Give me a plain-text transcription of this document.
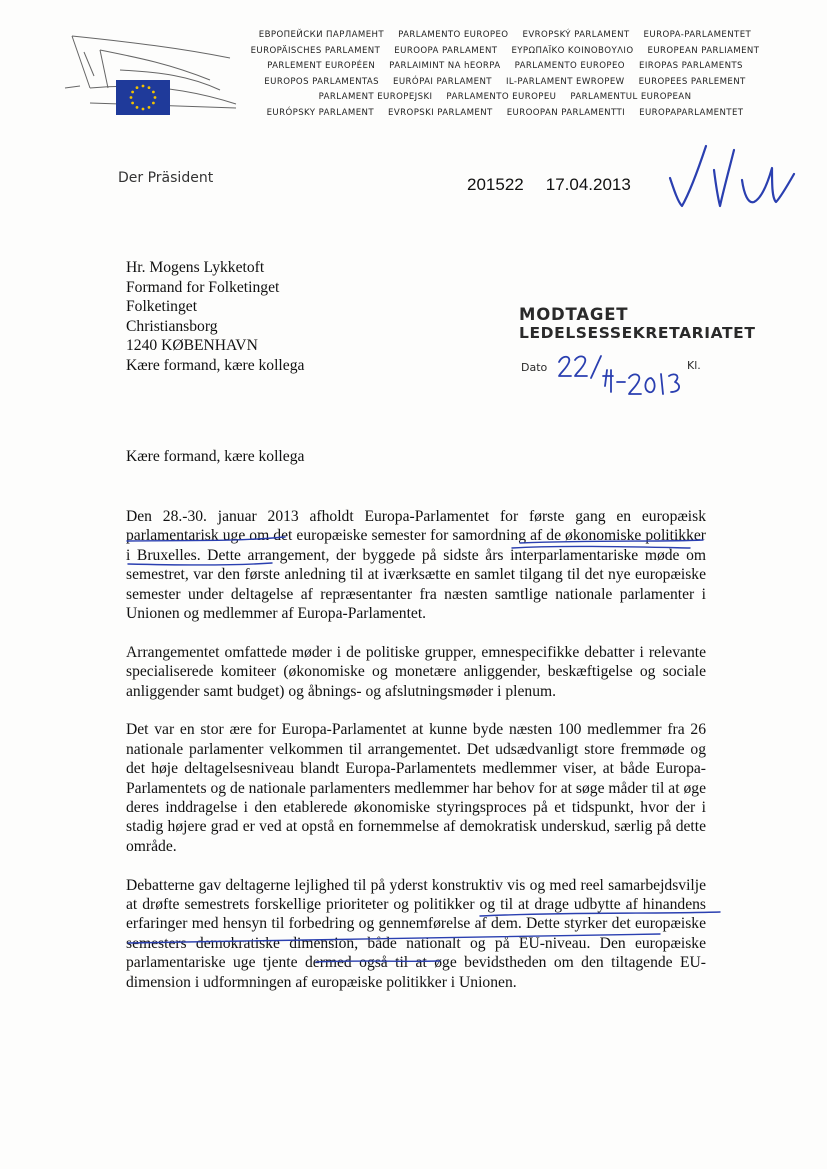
ЕВРОПЕЙСКИ ПАРЛАМЕНТ PARLAMENTO EUROPEO EVROPSKÝ PARLAMENT EUROPA-PARLAMENTET
EUROPÄISCHES PARLAMENT EUROOPA PARLAMENT ΕΥΡΩΠΑΪΚΟ ΚΟΙΝΟΒΟΥΛΙΟ EUROPEAN PARLIAMENT
PARLEMENT EUROPÉEN PARLAIMINT NA hEORPA PARLAMENTO EUROPEO EIROPAS PARLAMENTS
EUROPOS PARLAMENTAS EURÓPAI PARLAMENT IL-PARLAMENT EWROPEW EUROPEES PARLEMENT
PARLAMENT EUROPEJSKI PARLAMENTO EUROPEU PARLAMENTUL EUROPEAN
EURÓPSKY PARLAMENT EVROPSKI PARLAMENT EUROOPAN PARLAMENTTI EUROPAPARLAMENTET
Der Präsident	201522 17.04.2013
Hr. Mogens Lykketoft
Formand for Folketinget
Folketinget
Christiansborg
1240 KØBENHAVN
Kære formand, kære kollega
MODTAGET
LEDELSESSEKRETARIATET
Dato	Kl.
Kære formand, kære kollega

Den 28.-30. januar 2013 afholdt Europa-Parlamentet for første gang en europæisk parlamentarisk uge om det europæiske semester for samordning af de økonomiske politikker i Bruxelles. Dette arrangement, der byggede på sidste års interparlamentariske møde om semestret, var den første anledning til at iværksætte en samlet tilgang til det nye europæiske semester under deltagelse af repræsentanter fra næsten samtlige nationale parlamenter i Unionen og medlemmer af Europa-Parlamentet.

Arrangementet omfattede møder i de politiske grupper, emnespecifikke debatter i relevante specialiserede komiteer (økonomiske og monetære anliggender, beskæftigelse og sociale anliggender samt budget) og åbnings- og afslutningsmøder i plenum.

Det var en stor ære for Europa-Parlamentet at kunne byde næsten 100 medlemmer fra 26 nationale parlamenter velkommen til arrangementet. Det udsædvanligt store fremmøde og det høje deltagelsesniveau blandt Europa-Parlamentets medlemmer viser, at både Europa-Parlamentets og de nationale parlamenters medlemmer har behov for at søge måder til at øge deres inddragelse i den etablerede økonomiske styringsproces på et tidspunkt, hvor der i stadig højere grad er ved at opstå en fornemmelse af demokratisk underskud, særlig på dette område.

Debatterne gav deltagerne lejlighed til på yderst konstruktiv vis og med reel samarbejdsvilje at drøfte semestrets forskellige prioriteter og politikker og til at drage udbytte af hinandens erfaringer med hensyn til forbedring og gennemførelse af dem. Dette styrker det europæiske semesters demokratiske dimension, både nationalt og på EU-niveau. Den europæiske parlamentariske uge tjente dermed også til at øge bevidstheden om den tiltagende EU-dimension i udformningen af europæiske politikker i Unionen.
